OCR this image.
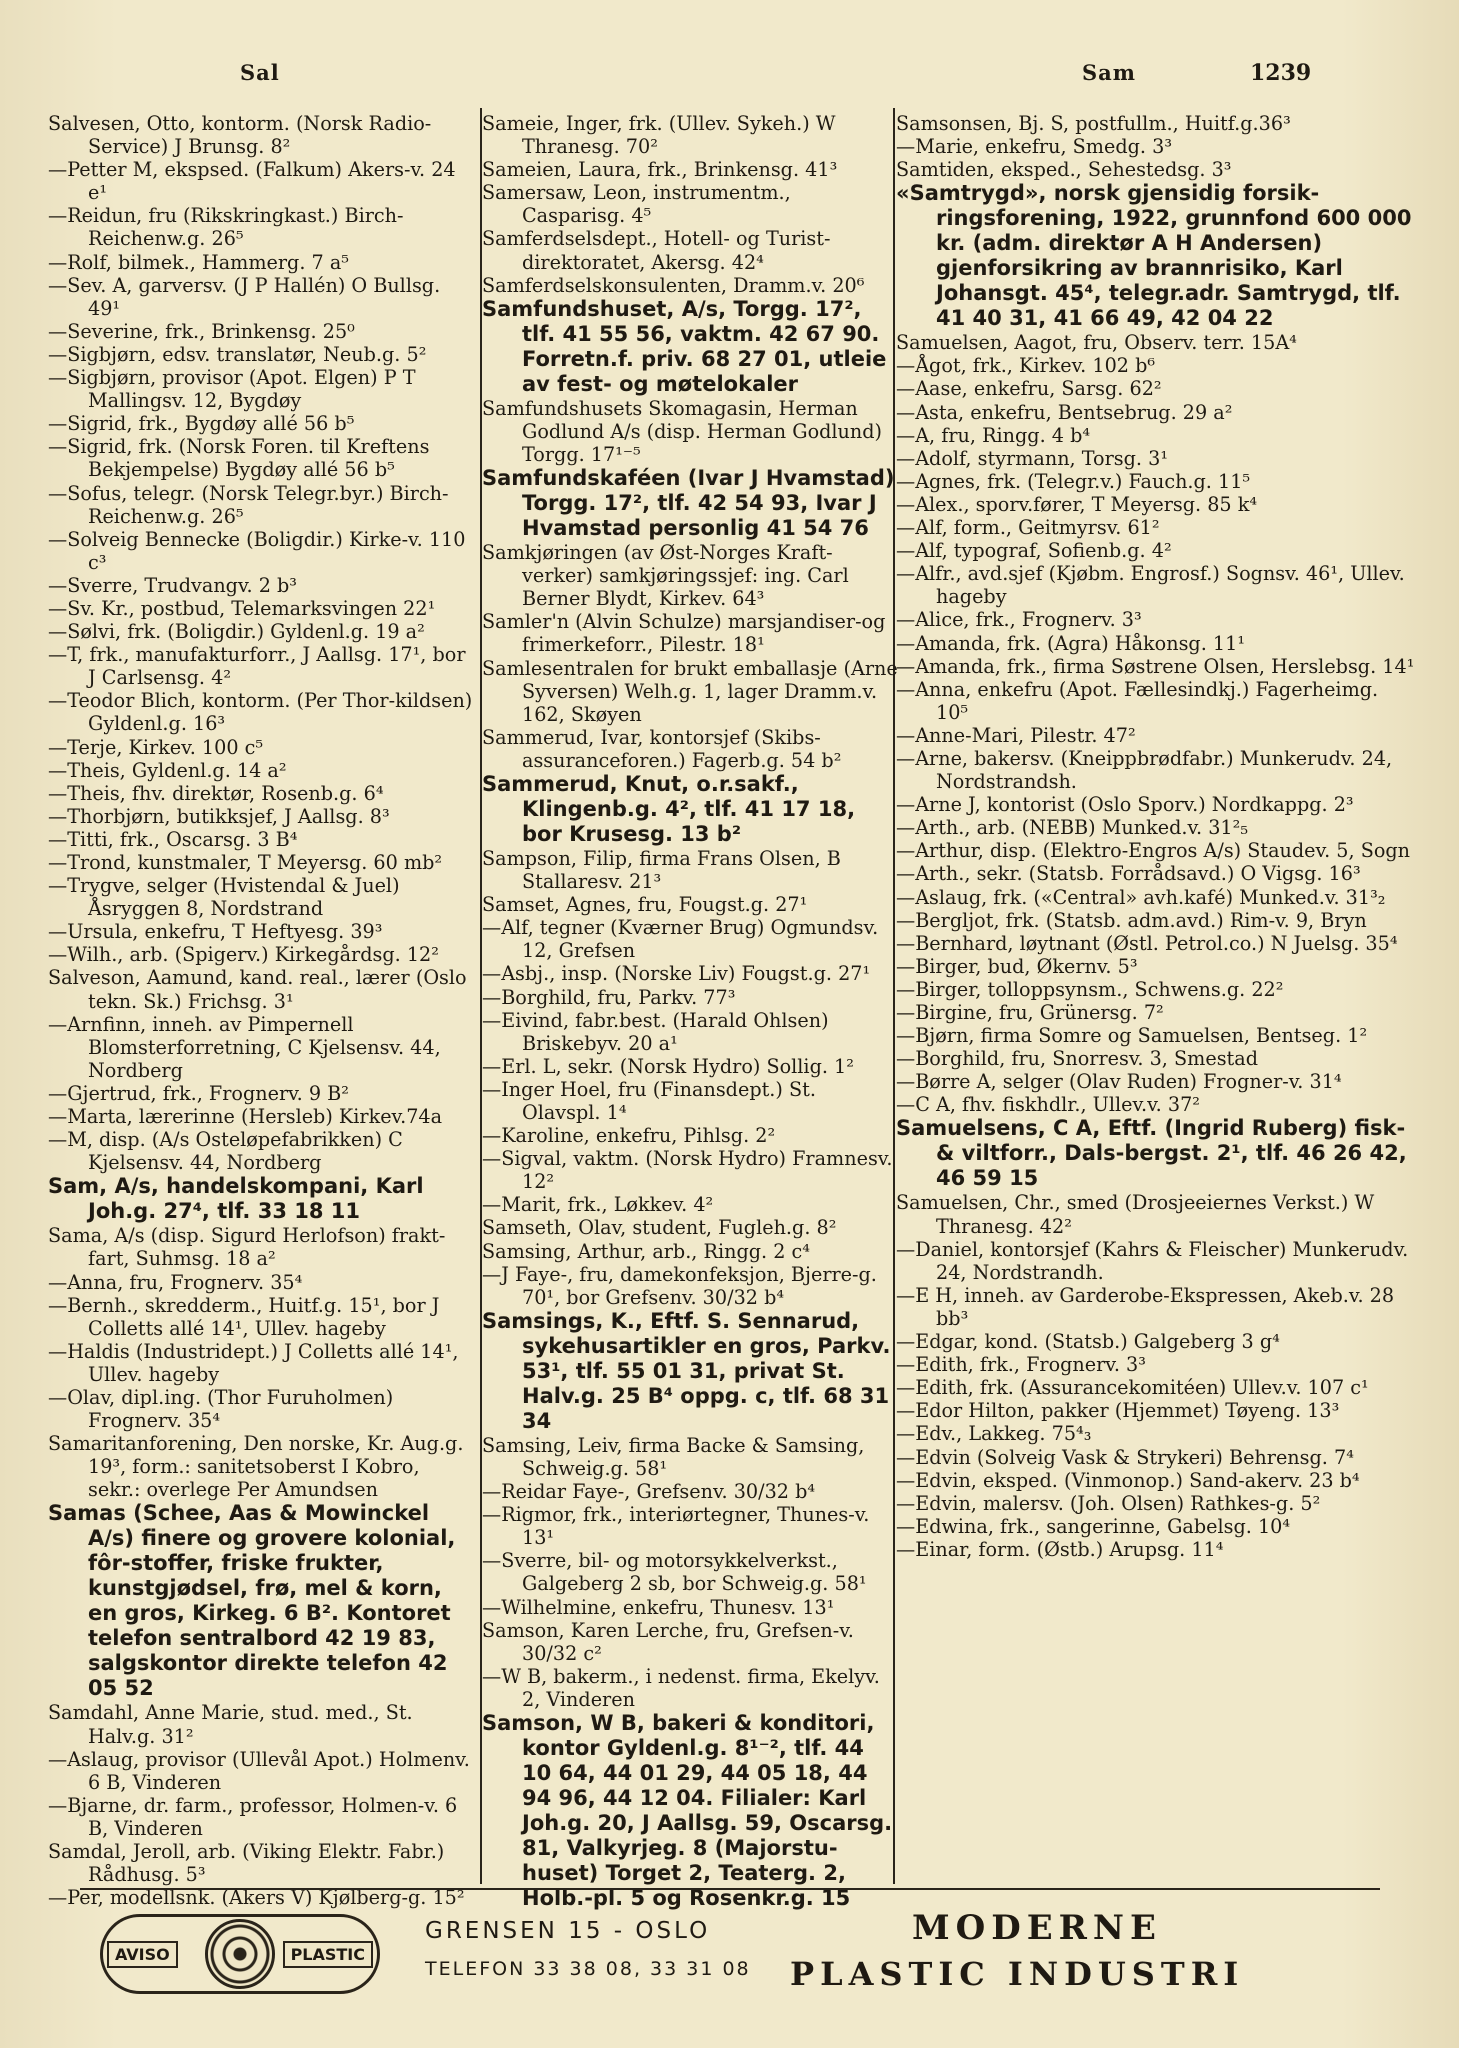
Sal	Sam	1239
Salvesen, Otto, kontorm. (Norsk Radio-Service) J Brunsg. 8²
—Petter M, ekspsed. (Falkum) Akers-v. 24 e¹
—Reidun, fru (Rikskringkast.) Birch-Reichenw.g. 26⁵
—Rolf, bilmek., Hammerg. 7 a⁵
—Sev. A, garversv. (J P Hallén) O Bullsg. 49¹
—Severine, frk., Brinkensg. 25⁰
—Sigbjørn, edsv. translatør, Neub.g. 5²
—Sigbjørn, provisor (Apot. Elgen) P T Mallingsv. 12, Bygdøy
—Sigrid, frk., Bygdøy allé 56 b⁵
—Sigrid, frk. (Norsk Foren. til Kreftens Bekjempelse) Bygdøy allé 56 b⁵
—Sofus, telegr. (Norsk Telegr.byr.) Birch-Reichenw.g. 26⁵
—Solveig Bennecke (Boligdir.) Kirke-v. 110 c³
—Sverre, Trudvangv. 2 b³
—Sv. Kr., postbud, Telemarksvingen 22¹
—Sølvi, frk. (Boligdir.) Gyldenl.g. 19 a²
—T, frk., manufakturforr., J Aallsg. 17¹, bor J Carlsensg. 4²
—Teodor Blich, kontorm. (Per Thor-kildsen) Gyldenl.g. 16³
—Terje, Kirkev. 100 c⁵
—Theis, Gyldenl.g. 14 a²
—Theis, fhv. direktør, Rosenb.g. 6⁴
—Thorbjørn, butikksjef, J Aallsg. 8³
—Titti, frk., Oscarsg. 3 B⁴
—Trond, kunstmaler, T Meyersg. 60 mb²
—Trygve, selger (Hvistendal & Juel) Åsryggen 8, Nordstrand
—Ursula, enkefru, T Heftyesg. 39³
—Wilh., arb. (Spigerv.) Kirkegårdsg. 12²
Salveson, Aamund, kand. real., lærer (Oslo tekn. Sk.) Frichsg. 3¹
—Arnfinn, inneh. av Pimpernell Blomsterforretning, C Kjelsensv. 44, Nordberg
—Gjertrud, frk., Frognerv. 9 B²
—Marta, lærerinne (Hersleb) Kirkev.74a
—M, disp. (A/s Osteløpefabrikken) C Kjelsensv. 44, Nordberg
Sam, A/s, handelskompani, Karl Joh.g. 27⁴, tlf. 33 18 11
Sama, A/s (disp. Sigurd Herlofson) frakt-fart, Suhmsg. 18 a²
—Anna, fru, Frognerv. 35⁴
—Bernh., skredderm., Huitf.g. 15¹, bor J Colletts allé 14¹, Ullev. hageby
—Haldis (Industridept.) J Colletts allé 14¹, Ullev. hageby
—Olav, dipl.ing. (Thor Furuholmen) Frognerv. 35⁴
Samaritanforening, Den norske, Kr. Aug.g. 19³, form.: sanitetsoberst I Kobro, sekr.: overlege Per Amundsen
Samas (Schee, Aas & Mowinckel A/s) finere og grovere kolonial, fôr-stoffer, friske frukter, kunstgjødsel, frø, mel & korn, en gros, Kirkeg. 6 B². Kontoret telefon sentralbord 42 19 83, salgskontor direkte telefon 42 05 52
Samdahl, Anne Marie, stud. med., St. Halv.g. 31²
—Aslaug, provisor (Ullevål Apot.) Holmenv. 6 B, Vinderen
—Bjarne, dr. farm., professor, Holmen-v. 6 B, Vinderen
Samdal, Jeroll, arb. (Viking Elektr. Fabr.) Rådhusg. 5³
—Per, modellsnk. (Akers V) Kjølberg-g. 15²
Sameie, Inger, frk. (Ullev. Sykeh.) W Thranesg. 70²
Sameien, Laura, frk., Brinkensg. 41³
Samersaw, Leon, instrumentm., Casparisg. 4⁵
Samferdselsdept., Hotell- og Turist-direktoratet, Akersg. 42⁴
Samferdselskonsulenten, Dramm.v. 20⁶
Samfundshuset, A/s, Torgg. 17², tlf. 41 55 56, vaktm. 42 67 90. Forretn.f. priv. 68 27 01, utleie av fest- og møtelokaler
Samfundshusets Skomagasin, Herman Godlund A/s (disp. Herman Godlund) Torgg. 17¹⁻⁵
Samfundskaféen (Ivar J Hvamstad) Torgg. 17², tlf. 42 54 93, Ivar J Hvamstad personlig 41 54 76
Samkjøringen (av Øst-Norges Kraft-verker) samkjøringssjef: ing. Carl Berner Blydt, Kirkev. 64³
Samler'n (Alvin Schulze) marsjandiser-og frimerkeforr., Pilestr. 18¹
Samlesentralen for brukt emballasje (Arne Syversen) Welh.g. 1, lager Dramm.v. 162, Skøyen
Sammerud, Ivar, kontorsjef (Skibs-assuranceforen.) Fagerb.g. 54 b²
Sammerud, Knut, o.r.sakf., Klingenb.g. 4², tlf. 41 17 18, bor Krusesg. 13 b²
Sampson, Filip, firma Frans Olsen, B Stallaresv. 21³
Samset, Agnes, fru, Fougst.g. 27¹
—Alf, tegner (Kværner Brug) Ogmundsv. 12, Grefsen
—Asbj., insp. (Norske Liv) Fougst.g. 27¹
—Borghild, fru, Parkv. 77³
—Eivind, fabr.best. (Harald Ohlsen) Briskebyv. 20 a¹
—Erl. L, sekr. (Norsk Hydro) Sollig. 1²
—Inger Hoel, fru (Finansdept.) St. Olavspl. 1⁴
—Karoline, enkefru, Pihlsg. 2²
—Sigval, vaktm. (Norsk Hydro) Framnesv. 12²
—Marit, frk., Løkkev. 4²
Samseth, Olav, student, Fugleh.g. 8²
Samsing, Arthur, arb., Ringg. 2 c⁴
—J Faye-, fru, damekonfeksjon, Bjerre-g. 70¹, bor Grefsenv. 30/32 b⁴
Samsings, K., Eftf. S. Sennarud, sykehusartikler en gros, Parkv. 53¹, tlf. 55 01 31, privat St. Halv.g. 25 B⁴ oppg. c, tlf. 68 31 34
Samsing, Leiv, firma Backe & Samsing, Schweig.g. 58¹
—Reidar Faye-, Grefsenv. 30/32 b⁴
—Rigmor, frk., interiørtegner, Thunes-v. 13¹
—Sverre, bil- og motorsykkelverkst., Galgeberg 2 sb, bor Schweig.g. 58¹
—Wilhelmine, enkefru, Thunesv. 13¹
Samson, Karen Lerche, fru, Grefsen-v. 30/32 c²
—W B, bakerm., i nedenst. firma, Ekelyv. 2, Vinderen
Samson, W B, bakeri & konditori, kontor Gyldenl.g. 8¹⁻², tlf. 44 10 64, 44 01 29, 44 05 18, 44 94 96, 44 12 04. Filialer: Karl Joh.g. 20, J Aallsg. 59, Oscarsg. 81, Valkyrjeg. 8 (Majorstu-huset) Torget 2, Teaterg. 2, Holb.-pl. 5 og Rosenkr.g. 15
Samsonsen, Bj. S, postfullm., Huitf.g.36³
—Marie, enkefru, Smedg. 3³
Samtiden, eksped., Sehestedsg. 3³
«Samtrygd», norsk gjensidig forsik-ringsforening, 1922, grunnfond 600 000 kr. (adm. direktør A H Andersen) gjenforsikring av brannrisiko, Karl Johansgt. 45⁴, telegr.adr. Samtrygd, tlf. 41 40 31, 41 66 49, 42 04 22
Samuelsen, Aagot, fru, Observ. terr. 15A⁴
—Ågot, frk., Kirkev. 102 b⁶
—Aase, enkefru, Sarsg. 62²
—Asta, enkefru, Bentsebrug. 29 a²
—A, fru, Ringg. 4 b⁴
—Adolf, styrmann, Torsg. 3¹
—Agnes, frk. (Telegr.v.) Fauch.g. 11⁵
—Alex., sporv.fører, T Meyersg. 85 k⁴
—Alf, form., Geitmyrsv. 61²
—Alf, typograf, Sofienb.g. 4²
—Alfr., avd.sjef (Kjøbm. Engrosf.) Sognsv. 46¹, Ullev. hageby
—Alice, frk., Frognerv. 3³
—Amanda, frk. (Agra) Håkonsg. 11¹
—Amanda, frk., firma Søstrene Olsen, Herslebsg. 14¹
—Anna, enkefru (Apot. Fællesindkj.) Fagerheimg. 10⁵
—Anne-Mari, Pilestr. 47²
—Arne, bakersv. (Kneippbrødfabr.) Munkerudv. 24, Nordstrandsh.
—Arne J, kontorist (Oslo Sporv.) Nordkappg. 2³
—Arth., arb. (NEBB) Munked.v. 31²₅
—Arthur, disp. (Elektro-Engros A/s) Staudev. 5, Sogn
—Arth., sekr. (Statsb. Forrådsavd.) O Vigsg. 16³
—Aslaug, frk. («Central» avh.kafé) Munked.v. 31³₂
—Bergljot, frk. (Statsb. adm.avd.) Rim-v. 9, Bryn
—Bernhard, løytnant (Østl. Petrol.co.) N Juelsg. 35⁴
—Birger, bud, Økernv. 5³
—Birger, tolloppsynsm., Schwens.g. 22²
—Birgine, fru, Grünersg. 7²
—Bjørn, firma Somre og Samuelsen, Bentseg. 1²
—Borghild, fru, Snorresv. 3, Smestad
—Børre A, selger (Olav Ruden) Frogner-v. 31⁴
—C A, fhv. fiskhdlr., Ullev.v. 37²
Samuelsens, C A, Eftf. (Ingrid Ruberg) fisk- & viltforr., Dals-bergst. 2¹, tlf. 46 26 42, 46 59 15
Samuelsen, Chr., smed (Drosjeeiernes Verkst.) W Thranesg. 42²
—Daniel, kontorsjef (Kahrs & Fleischer) Munkerudv. 24, Nordstrandh.
—E H, inneh. av Garderobe-Ekspressen, Akeb.v. 28 bb³
—Edgar, kond. (Statsb.) Galgeberg 3 g⁴
—Edith, frk., Frognerv. 3³
—Edith, frk. (Assurancekomitéen) Ullev.v. 107 c¹
—Edor Hilton, pakker (Hjemmet) Tøyeng. 13³
—Edv., Lakkeg. 75⁴₃
—Edvin (Solveig Vask & Strykeri) Behrensg. 7⁴
—Edvin, eksped. (Vinmonop.) Sand-akerv. 23 b⁴
—Edvin, malersv. (Joh. Olsen) Rathkes-g. 5²
—Edwina, frk., sangerinne, Gabelsg. 10⁴
—Einar, form. (Østb.) Arupsg. 11⁴
AVISO	PLASTIC
GRENSEN 15 - OSLO
TELEFON 33 38 08, 33 31 08
MODERNE
PLASTIC INDUSTRI
